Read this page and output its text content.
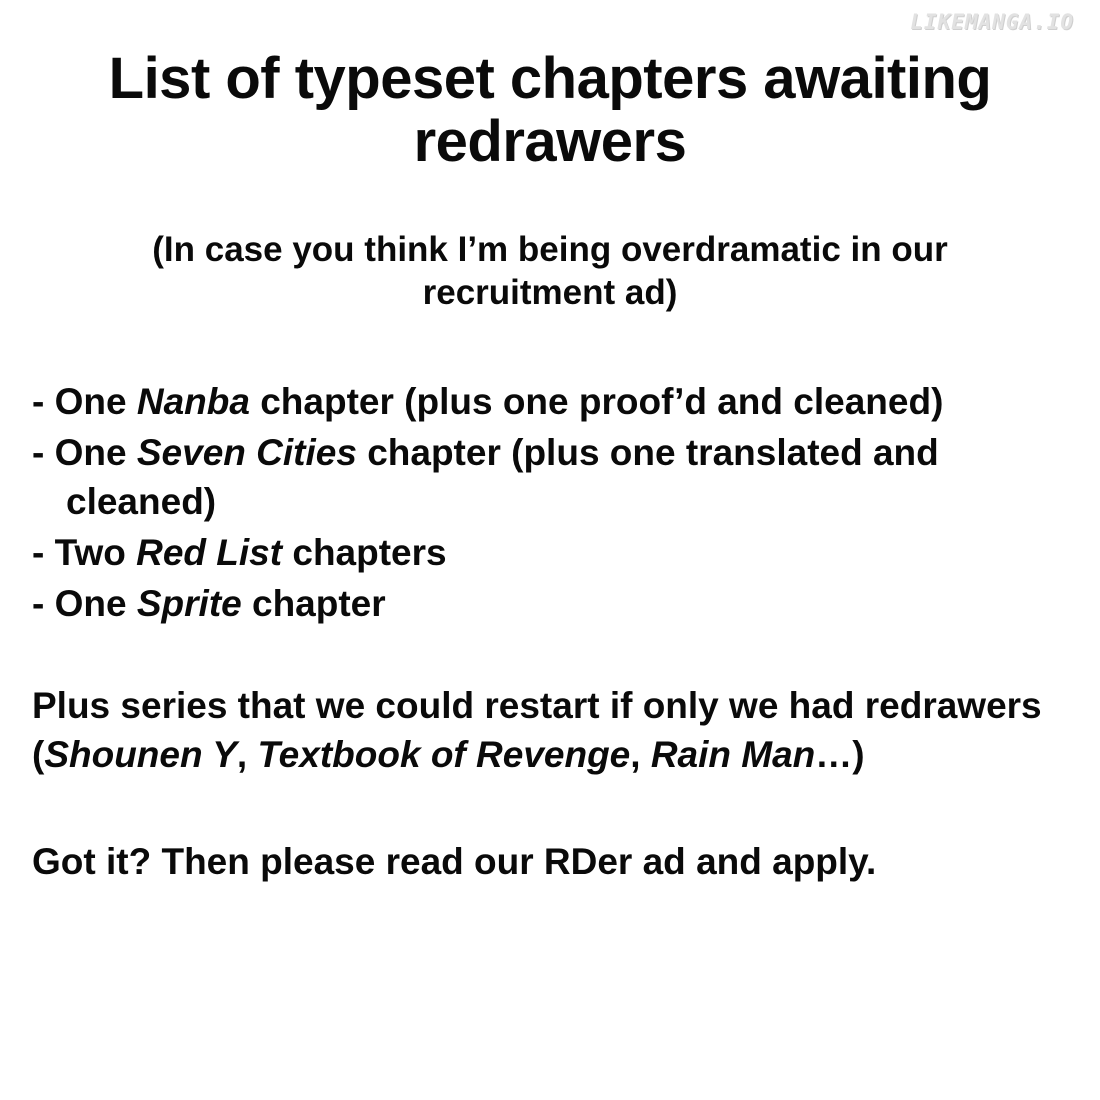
LIKEMANGA.IO
List of typeset chapters awaiting redrawers

(In case you think I’m being overdramatic in our recruitment ad)

- One Nanba chapter (plus one proof’d and cleaned)
- One Seven Cities chapter (plus one translated and cleaned)
- Two Red List chapters
- One Sprite chapter

Plus series that we could restart if only we had redrawers (Shounen Y, Textbook of Revenge, Rain Man…)

Got it? Then please read our RDer ad and apply.
